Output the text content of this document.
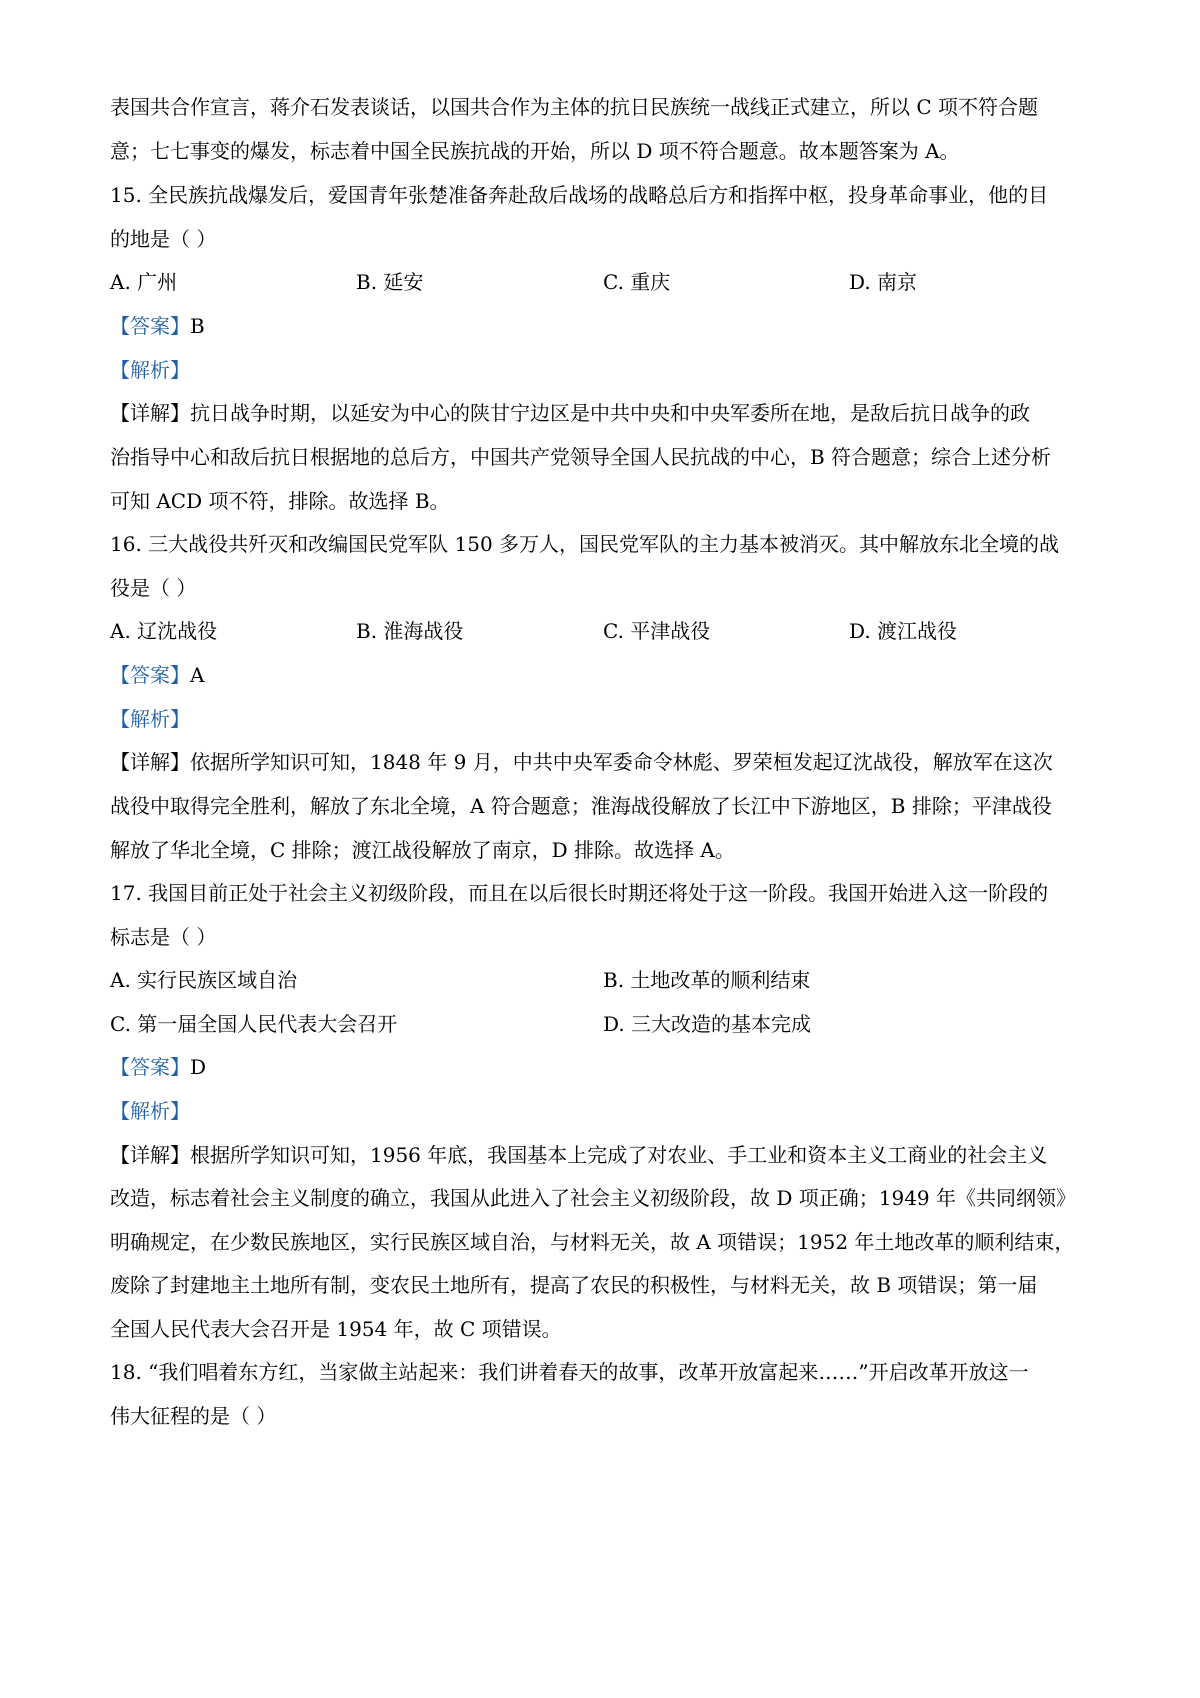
表国共合作宣言，蒋介石发表谈话，以国共合作为主体的抗日民族统一战线正式建立，所以 C 项不符合题
意；七七事变的爆发，标志着中国全民族抗战的开始，所以 D 项不符合题意。故本题答案为 A。
15. 全民族抗战爆发后，爱国青年张楚准备奔赴敌后战场的战略总后方和指挥中枢，投身革命事业，他的目
的地是（ ）
A. 广州	B. 延安	C. 重庆	D. 南京
【答案】B
【解析】
【详解】抗日战争时期，以延安为中心的陕甘宁边区是中共中央和中央军委所在地，是敌后抗日战争的政
治指导中心和敌后抗日根据地的总后方，中国共产党领导全国人民抗战的中心，B 符合题意；综合上述分析
可知 ACD 项不符，排除。故选择 B。
16. 三大战役共歼灭和改编国民党军队 150 多万人，国民党军队的主力基本被消灭。其中解放东北全境的战
役是（ ）
A. 辽沈战役	B. 淮海战役	C. 平津战役	D. 渡江战役
【答案】A
【解析】
【详解】依据所学知识可知，1848 年 9 月，中共中央军委命令林彪、罗荣桓发起辽沈战役，解放军在这次
战役中取得完全胜利，解放了东北全境，A 符合题意；淮海战役解放了长江中下游地区，B 排除；平津战役
解放了华北全境，C 排除；渡江战役解放了南京，D 排除。故选择 A。
17. 我国目前正处于社会主义初级阶段，而且在以后很长时期还将处于这一阶段。我国开始进入这一阶段的
标志是（ ）
A. 实行民族区域自治	B. 土地改革的顺利结束
C. 第一届全国人民代表大会召开	D. 三大改造的基本完成
【答案】D
【解析】
【详解】根据所学知识可知，1956 年底，我国基本上完成了对农业、手工业和资本主义工商业的社会主义
改造，标志着社会主义制度的确立，我国从此进入了社会主义初级阶段，故 D 项正确；1949 年《共同纲领》
明确规定，在少数民族地区，实行民族区域自治，与材料无关，故 A 项错误；1952 年土地改革的顺利结束，
废除了封建地主土地所有制，变农民土地所有，提高了农民的积极性，与材料无关，故 B 项错误；第一届
全国人民代表大会召开是 1954 年，故 C 项错误。
18. “我们唱着东方红，当家做主站起来：我们讲着春天的故事，改革开放富起来……”开启改革开放这一
伟大征程的是（ ）
